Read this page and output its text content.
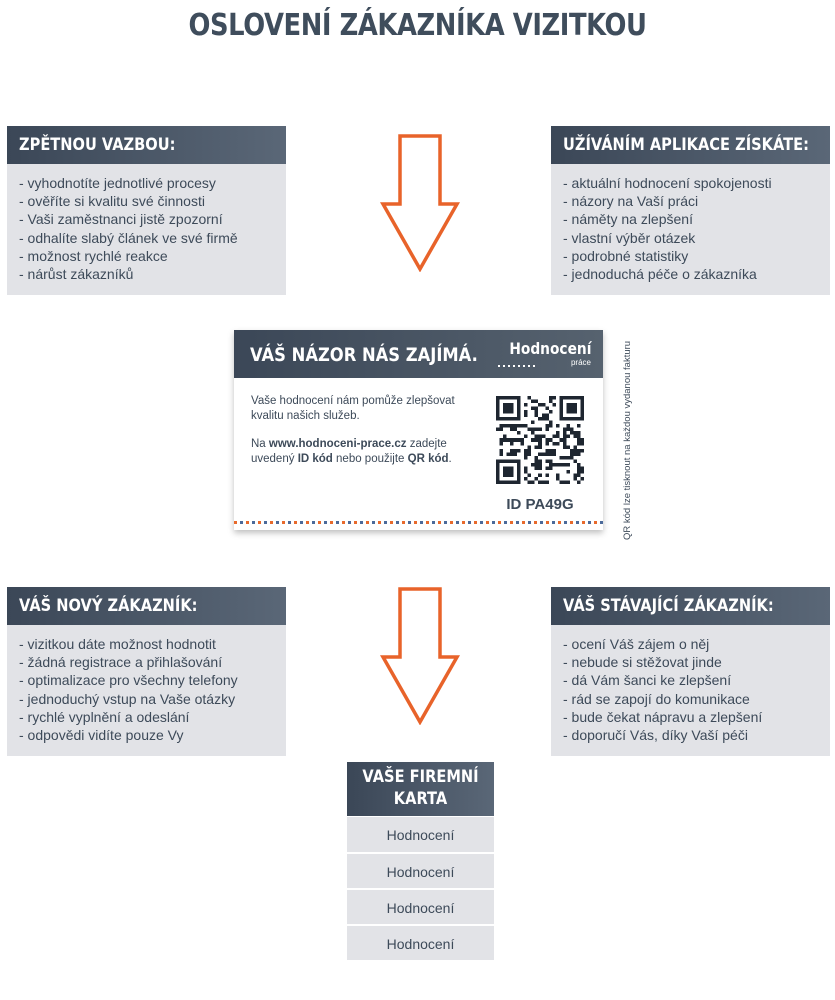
OSLOVENÍ ZÁKAZNÍKA VIZITKOU
ZPĚTNOU VAZBOU:
- vyhodnotíte jednotlivé procesy
- ověříte si kvalitu své činnosti
- Vaši zaměstnanci jistě zpozorní
- odhalíte slabý článek ve své firmě
- možnost rychlé reakce
- nárůst zákazníků
UŽÍVÁNÍM APLIKACE ZÍSKÁTE:
- aktuální hodnocení spokojenosti
- názory na Vaší práci
- náměty na zlepšení
- vlastní výběr otázek
- podrobné statistiky
- jednoduchá péče o zákazníka
VÁŠ NÁZOR NÁS ZAJÍMÁ. Hodnocení
práce

Vaše hodnocení nám pomůže zlepšovat kvalitu našich služeb.

Na www.hodnoceni-prace.cz zadejte uvedený ID kód nebo použijte QR kód.

ID PA49G	QR kód lze tisknout na každou vydanou fakturu
VÁŠ NOVÝ ZÁKAZNÍK:
- vizitkou dáte možnost hodnotit
- žádná registrace a přihlašování
- optimalizace pro všechny telefony
- jednoduchý vstup na Vaše otázky
- rychlé vyplnění a odeslání
- odpovědi vidíte pouze Vy
VÁŠ STÁVAJÍCÍ ZÁKAZNÍK:
- ocení Váš zájem o něj
- nebude si stěžovat jinde
- dá Vám šanci ke zlepšení
- rád se zapojí do komunikace
- bude čekat nápravu a zlepšení
- doporučí Vás, díky Vaší péči
VAŠE FIREMNÍ
KARTA
Hodnocení
Hodnocení
Hodnocení
Hodnocení
